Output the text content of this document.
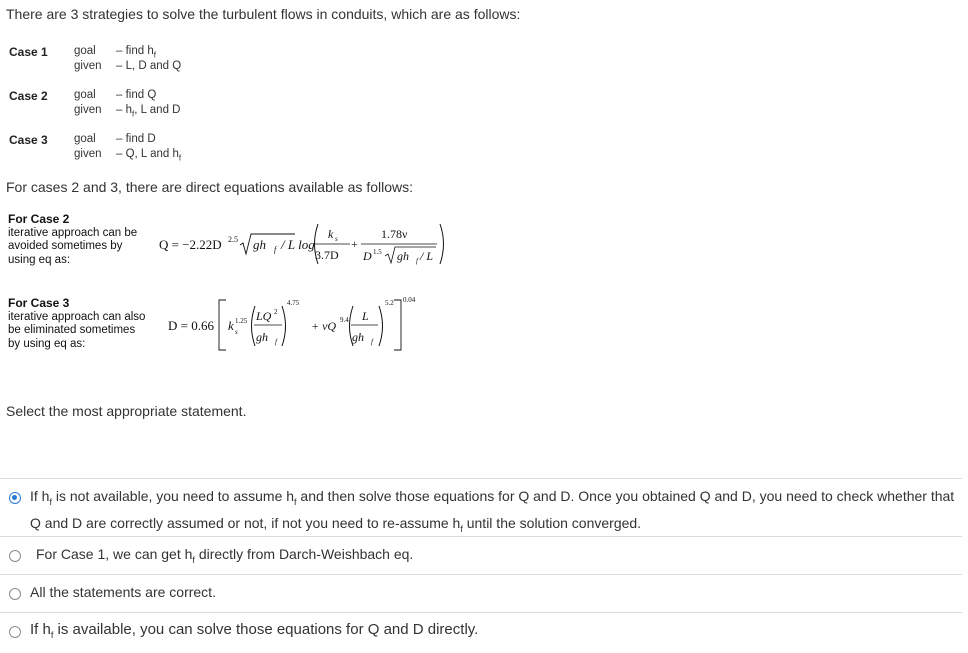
There are 3 strategies to solve the turbulent flows in conduits, which are as follows:
Case 1 goal – find $h_f$
given – L, D and Q
Case 2 goal – find Q
given – $h_f$, L and D
Case 3 goal – find D
given – Q, L and $h_f$
For cases 2 and 3, there are direct equations available as follows:
For Case 2
iterative approach can be
avoided sometimes by
using eq as:
Q = −2.22D 2.5 gh f / L log
k s
3.7D
+
1.78ν
D 1.5 gh f / L
For Case 3
iterative approach can also
be eliminated sometimes
by using eq as:
D = 0.66 k s
1.25 LQ 2
gh f
4.75
+ νQ 9.4 L
gh f
5.2 0.04
Select the most appropriate statement.
If $h_f$ is not available, you need to assume $h_f$ and then solve those equations for Q and D. Once you obtained Q and D, you need to check whether that
Q and D are correctly assumed or not, if not you need to re-assume $h_f$ until the solution converged.
For Case 1, we can get $h_f$ directly from Darch-Weishbach eq.
All the statements are correct.
If $h_f$ is available, you can solve those equations for Q and D directly.
